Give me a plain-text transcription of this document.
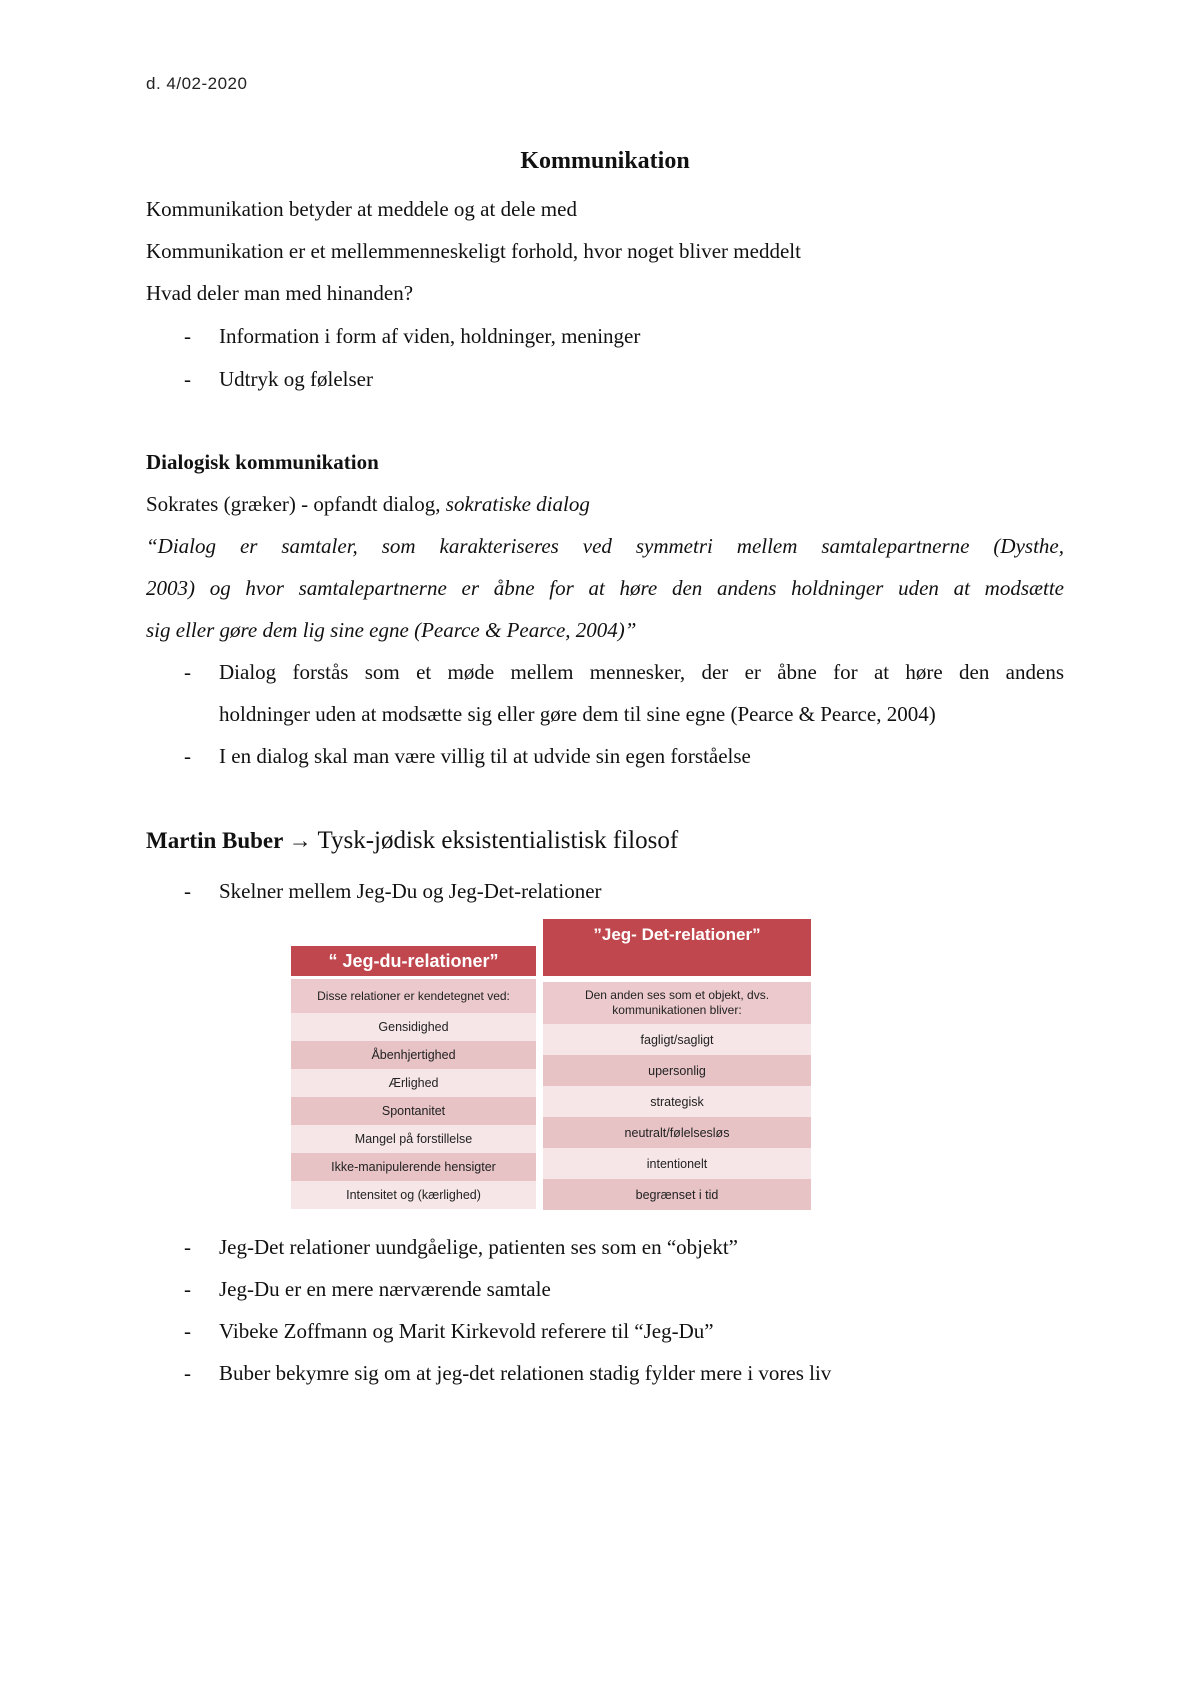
d. 4/02-2020
Kommunikation
Kommunikation betyder at meddele og at dele med
Kommunikation er et mellemmenneskeligt forhold, hvor noget bliver meddelt
Hvad deler man med hinanden?
- Information i form af viden, holdninger, meninger
- Udtryk og følelser
Dialogisk kommunikation
Sokrates (græker) - opfandt dialog, sokratiske dialog
“Dialog er samtaler, som karakteriseres ved symmetri mellem samtalepartnerne (Dysthe,
2003) og hvor samtalepartnerne er åbne for at høre den andens holdninger uden at modsætte
sig eller gøre dem lig sine egne (Pearce & Pearce, 2004)”
- Dialog forstås som et møde mellem mennesker, der er åbne for at høre den andens
holdninger uden at modsætte sig eller gøre dem til sine egne (Pearce & Pearce, 2004)
- I en dialog skal man være villig til at udvide sin egen forståelse
Martin Buber → Tysk-jødisk eksistentialistisk filosof
- Skelner mellem Jeg-Du og Jeg-Det-relationer
“ Jeg-du-relationer”
Disse relationer er kendetegnet ved:
Gensidighed
Åbenhjertighed
Ærlighed
Spontanitet
Mangel på forstillelse
Ikke-manipulerende hensigter
Intensitet og (kærlighed)
”Jeg- Det-relationer”
Den anden ses som et objekt, dvs. kommunikationen bliver:
fagligt/sagligt
upersonlig
strategisk
neutralt/følelsesløs
intentionelt
begrænset i tid
- Jeg-Det relationer uundgåelige, patienten ses som en “objekt”
- Jeg-Du er en mere nærværende samtale
- Vibeke Zoffmann og Marit Kirkevold referere til “Jeg-Du”
- Buber bekymre sig om at jeg-det relationen stadig fylder mere i vores liv
